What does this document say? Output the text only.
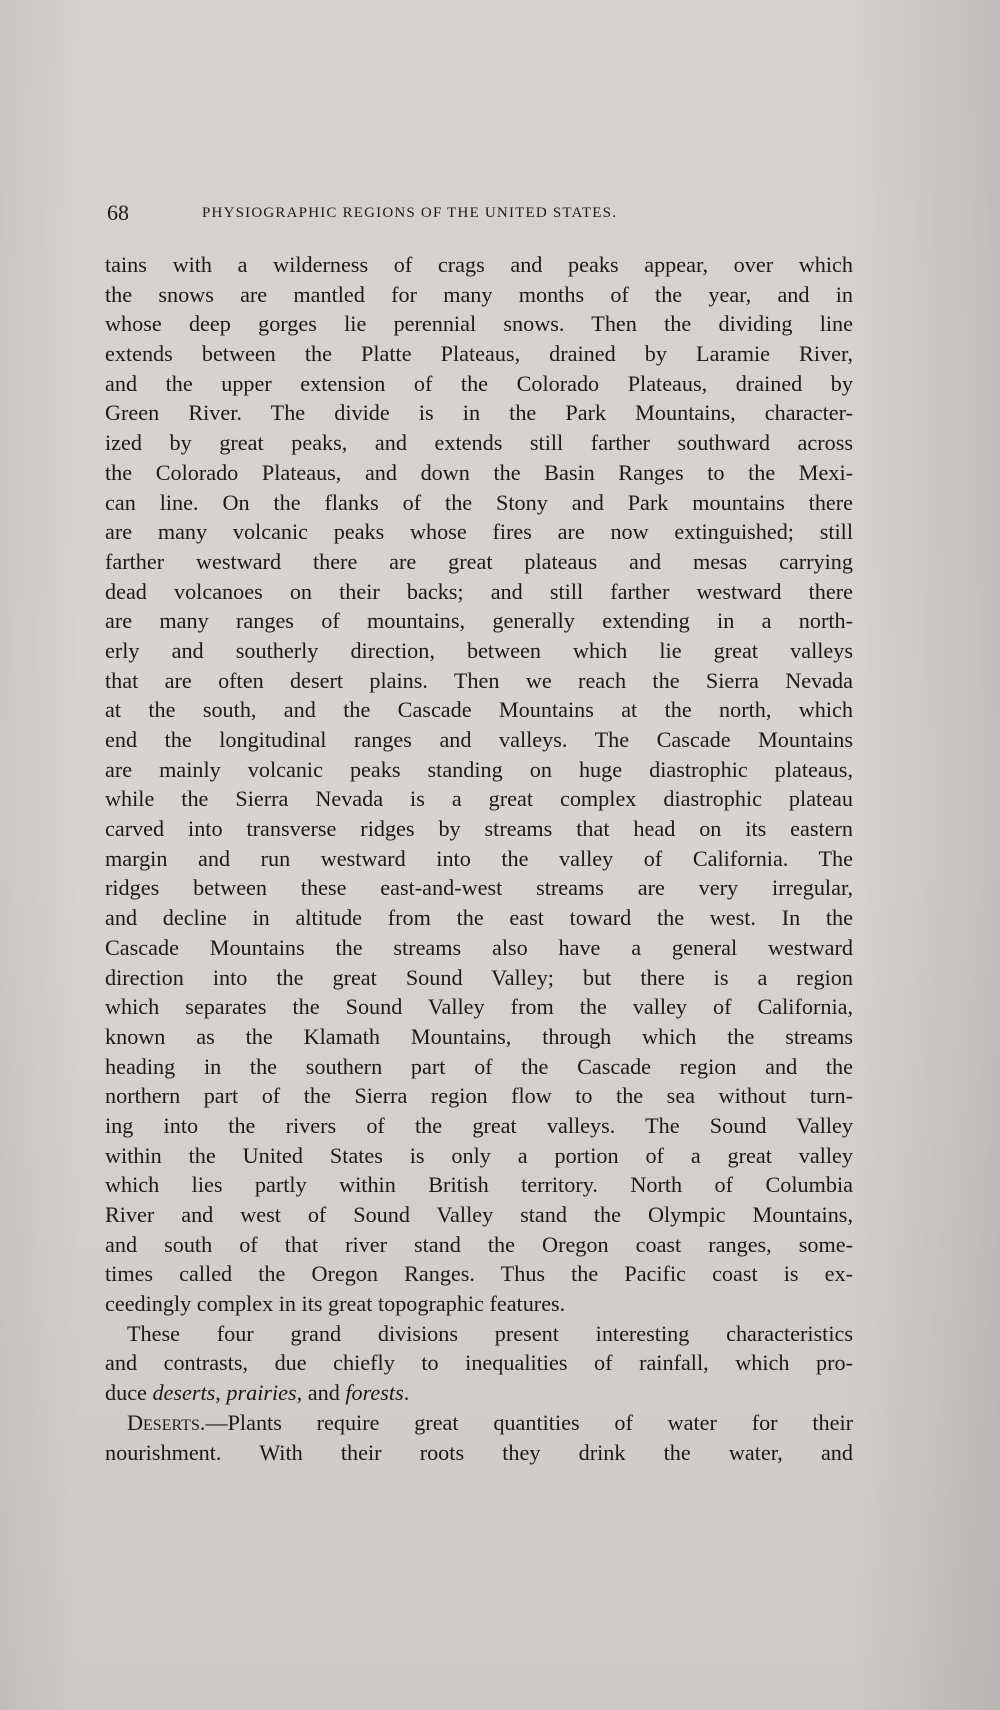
68	PHYSIOGRAPHIC REGIONS OF THE UNITED STATES.
tains with a wilderness of crags and peaks appear, over which
the snows are mantled for many months of the year, and in
whose deep gorges lie perennial snows. Then the dividing line
extends between the Platte Plateaus, drained by Laramie River,
and the upper extension of the Colorado Plateaus, drained by
Green River. The divide is in the Park Mountains, character-
ized by great peaks, and extends still farther southward across
the Colorado Plateaus, and down the Basin Ranges to the Mexi-
can line. On the flanks of the Stony and Park mountains there
are many volcanic peaks whose fires are now extinguished; still
farther westward there are great plateaus and mesas carrying
dead volcanoes on their backs; and still farther westward there
are many ranges of mountains, generally extending in a north-
erly and southerly direction, between which lie great valleys
that are often desert plains. Then we reach the Sierra Nevada
at the south, and the Cascade Mountains at the north, which
end the longitudinal ranges and valleys. The Cascade Mountains
are mainly volcanic peaks standing on huge diastrophic plateaus,
while the Sierra Nevada is a great complex diastrophic plateau
carved into transverse ridges by streams that head on its eastern
margin and run westward into the valley of California. The
ridges between these east-and-west streams are very irregular,
and decline in altitude from the east toward the west. In the
Cascade Mountains the streams also have a general westward
direction into the great Sound Valley; but there is a region
which separates the Sound Valley from the valley of California,
known as the Klamath Mountains, through which the streams
heading in the southern part of the Cascade region and the
northern part of the Sierra region flow to the sea without turn-
ing into the rivers of the great valleys. The Sound Valley
within the United States is only a portion of a great valley
which lies partly within British territory. North of Columbia
River and west of Sound Valley stand the Olympic Mountains,
and south of that river stand the Oregon coast ranges, some-
times called the Oregon Ranges. Thus the Pacific coast is ex-
ceedingly complex in its great topographic features.
These four grand divisions present interesting characteristics
and contrasts, due chiefly to inequalities of rainfall, which pro-
duce deserts, prairies, and forests.
Deserts.—Plants require great quantities of water for their
nourishment. With their roots they drink the water, and
